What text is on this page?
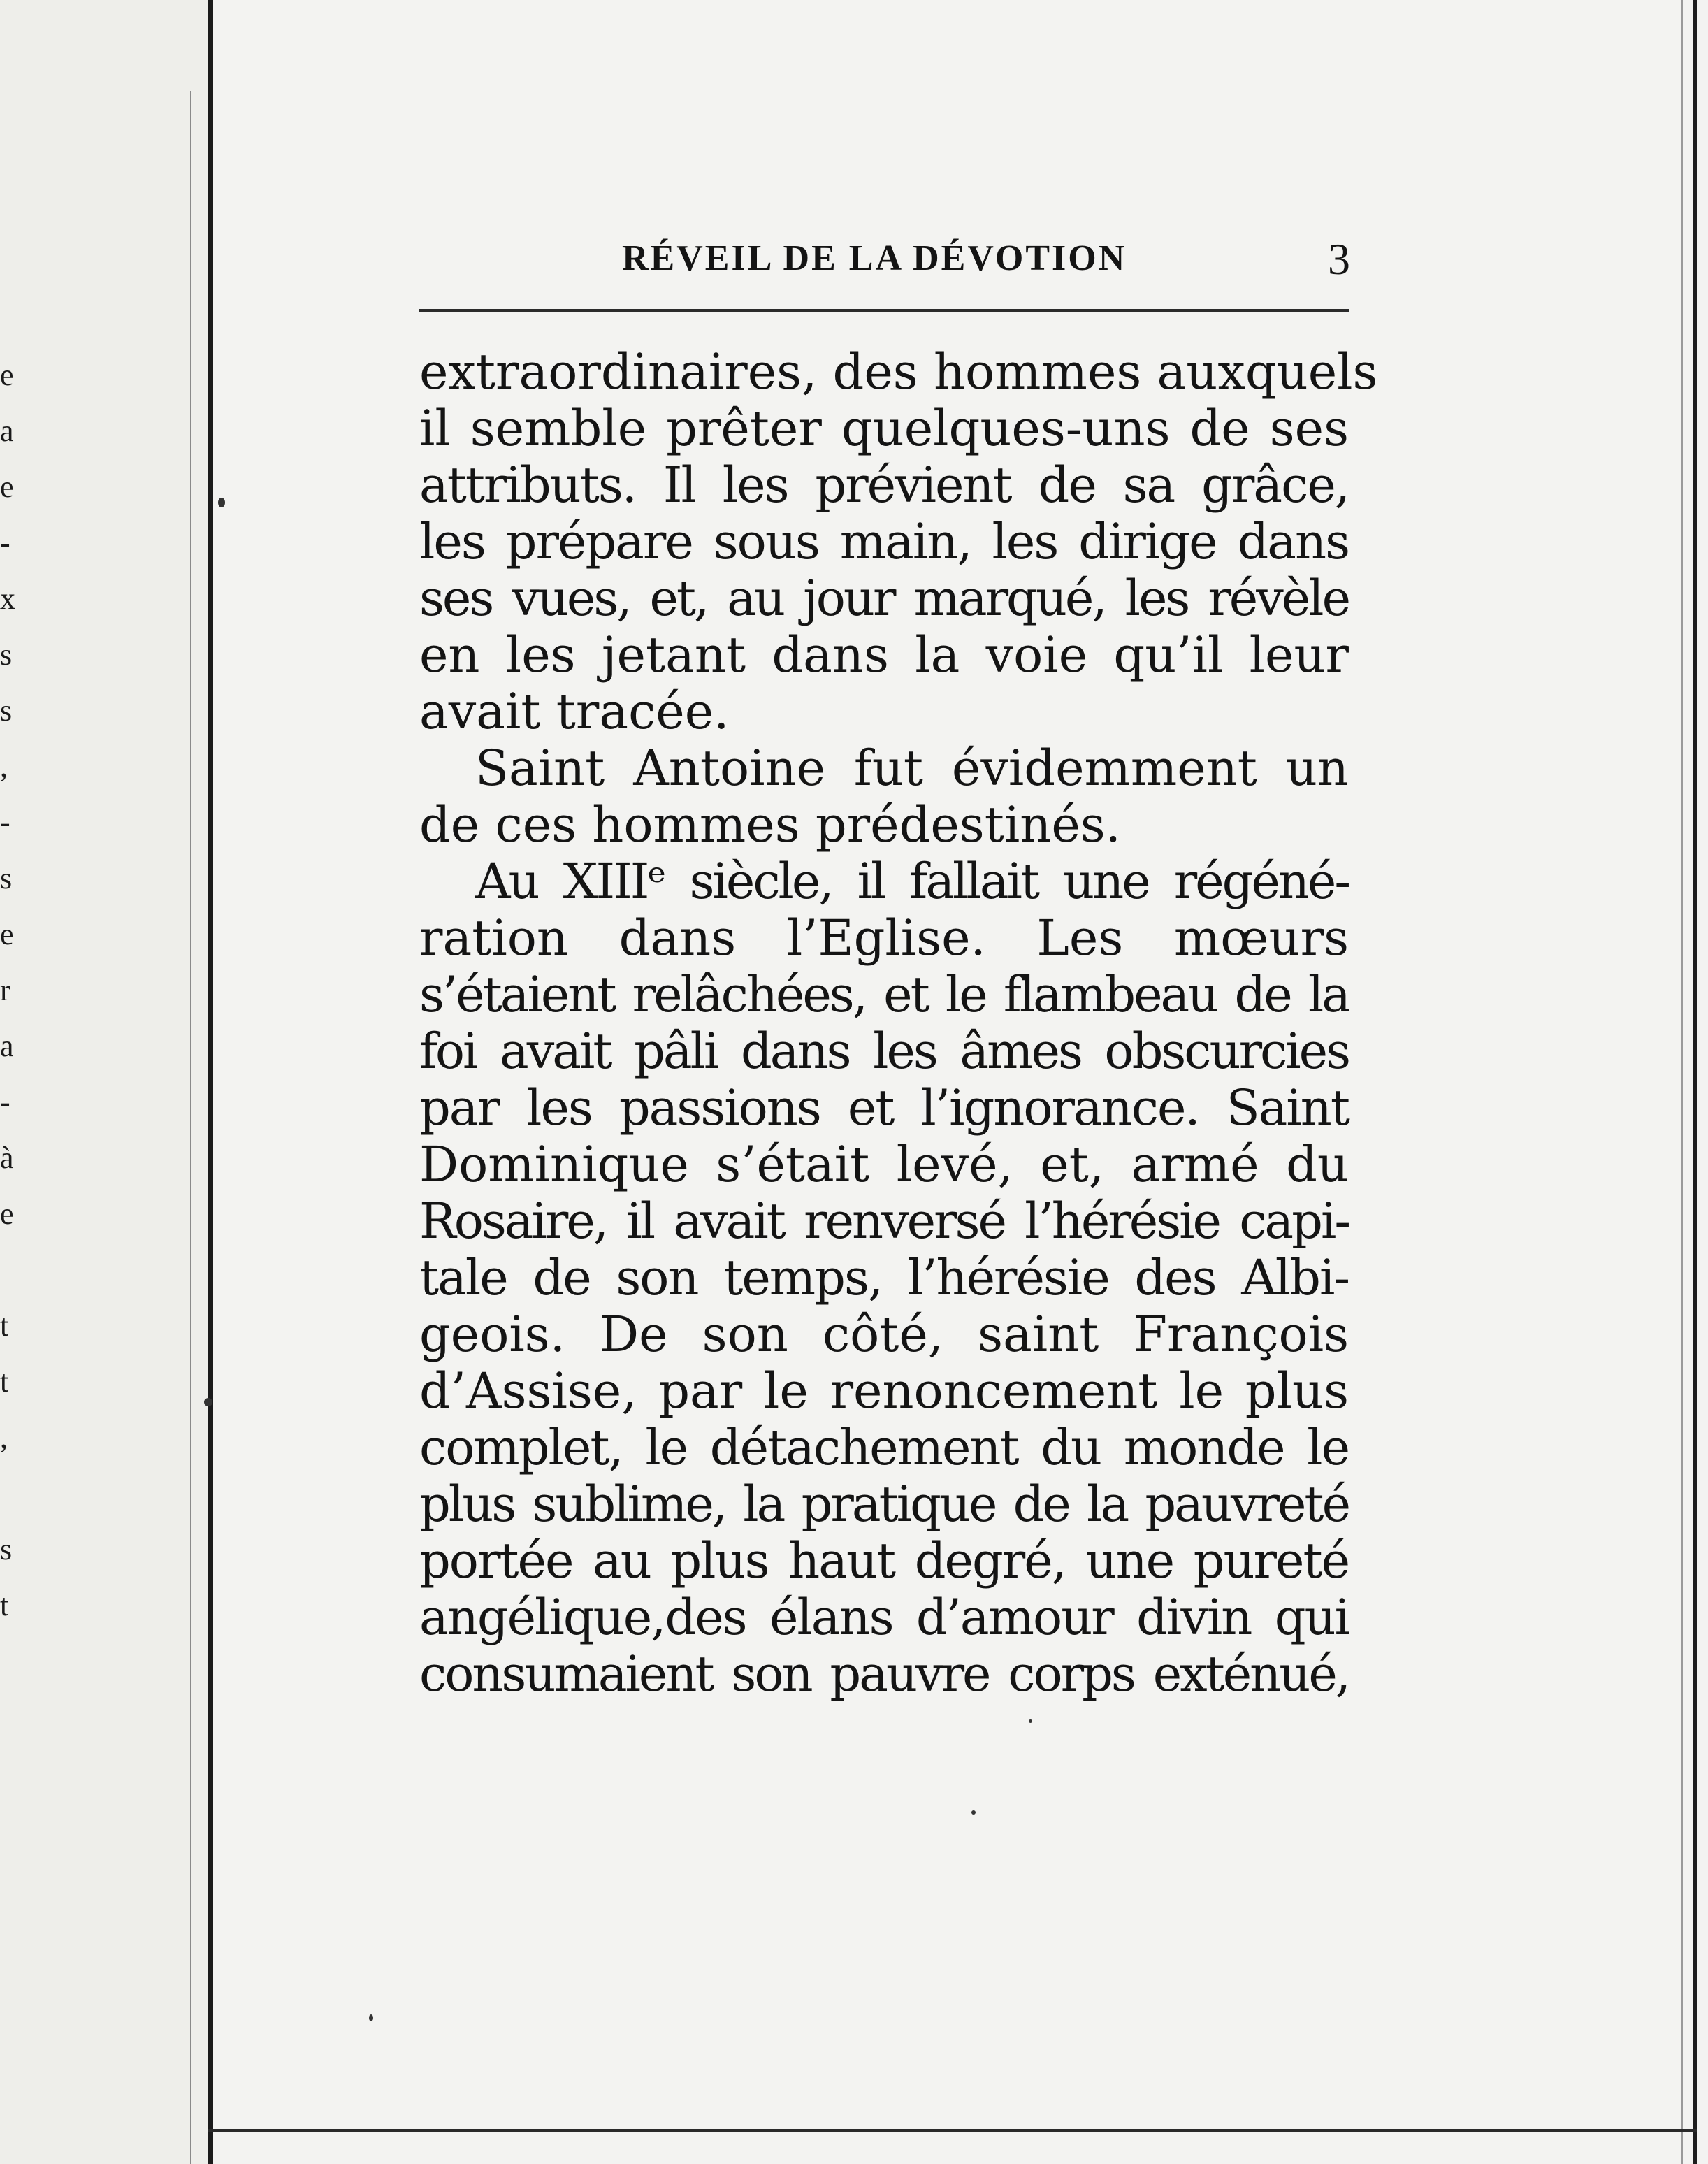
e
a
e
-
x
s
s
,
-
s
e
r
a
-
à
e
t
t
,
s
t
RÉVEIL DE LA DÉVOTION	3
extraordinaires, des hommes auxquels
il semble prêter quelques-uns de ses
attributs. Il les prévient de sa grâce,
les prépare sous main, les dirige dans
ses vues, et, au jour marqué, les révèle
en les jetant dans la voie qu’il leur
avait tracée.
Saint Antoine fut évidemment un
de ces hommes prédestinés.
Au XIIIᵉ siècle, il fallait une régéné-
ration dans l’Eglise. Les mœurs
s’étaient relâchées, et le flambeau de la
foi avait pâli dans les âmes obscurcies
par les passions et l’ignorance. Saint
Dominique s’était levé, et, armé du
Rosaire, il avait renversé l’hérésie capi-
tale de son temps, l’hérésie des Albi-
geois. De son côté, saint François
d’Assise, par le renoncement le plus
complet, le détachement du monde le
plus sublime, la pratique de la pauvreté
portée au plus haut degré, une pureté
angélique,des élans d’amour divin qui
consumaient son pauvre corps exténué,
